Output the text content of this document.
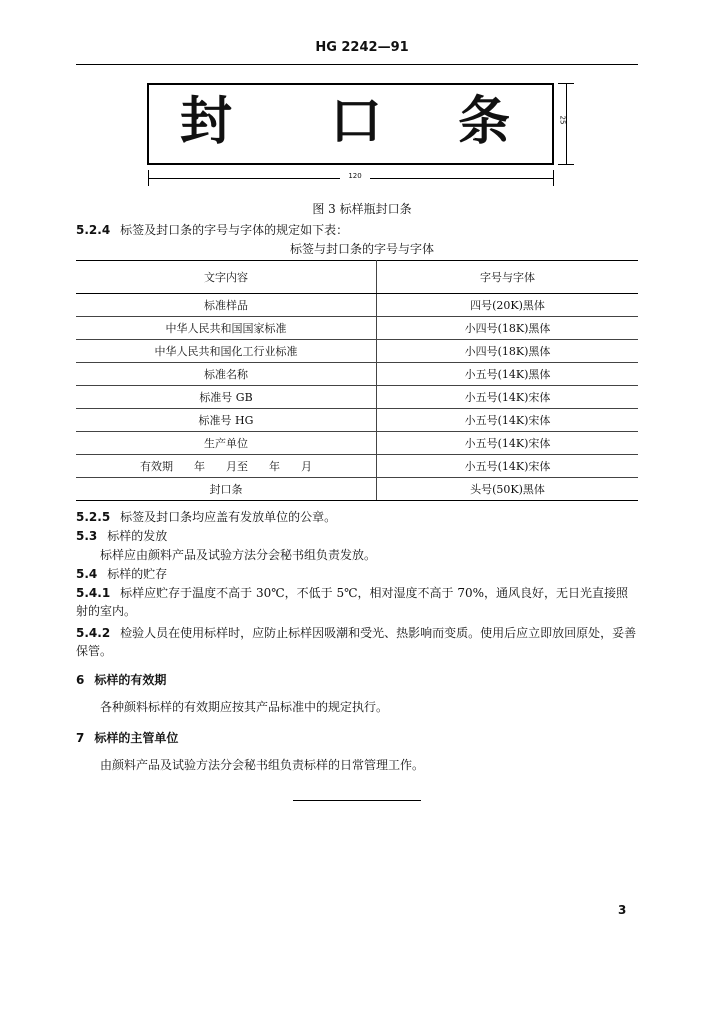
HG 2242—91
封 口 条	25
120
图 3 标样瓶封口条
5.2.4 标签及封口条的字号与字体的规定如下表：
标签与封口条的字号与字体
文字内容	字号与字体
标准样品	四号(20K)黑体
中华人民共和国国家标准	小四号(18K)黑体
中华人民共和国化工行业标准	小四号(18K)黑体
标准名称	小五号(14K)黑体
标准号 GB	小五号(14K)宋体
标准号 HG	小五号(14K)宋体
生产单位	小五号(14K)宋体
有效期      年      月至      年      月	小五号(14K)宋体
封口条	头号(50K)黑体
5.2.5 标签及封口条均应盖有发放单位的公章。
5.3 标样的发放
标样应由颜料产品及试验方法分会秘书组负责发放。
5.4 标样的贮存
5.4.1 标样应贮存于温度不高于 30℃，不低于 5℃，相对湿度不高于 70%，通风良好，无日光直接照射的室内。
5.4.2 检验人员在使用标样时，应防止标样因吸潮和受光、热影响而变质。使用后应立即放回原处，妥善保管。
6 标样的有效期
各种颜料标样的有效期应按其产品标准中的规定执行。
7 标样的主管单位
由颜料产品及试验方法分会秘书组负责标样的日常管理工作。
3
